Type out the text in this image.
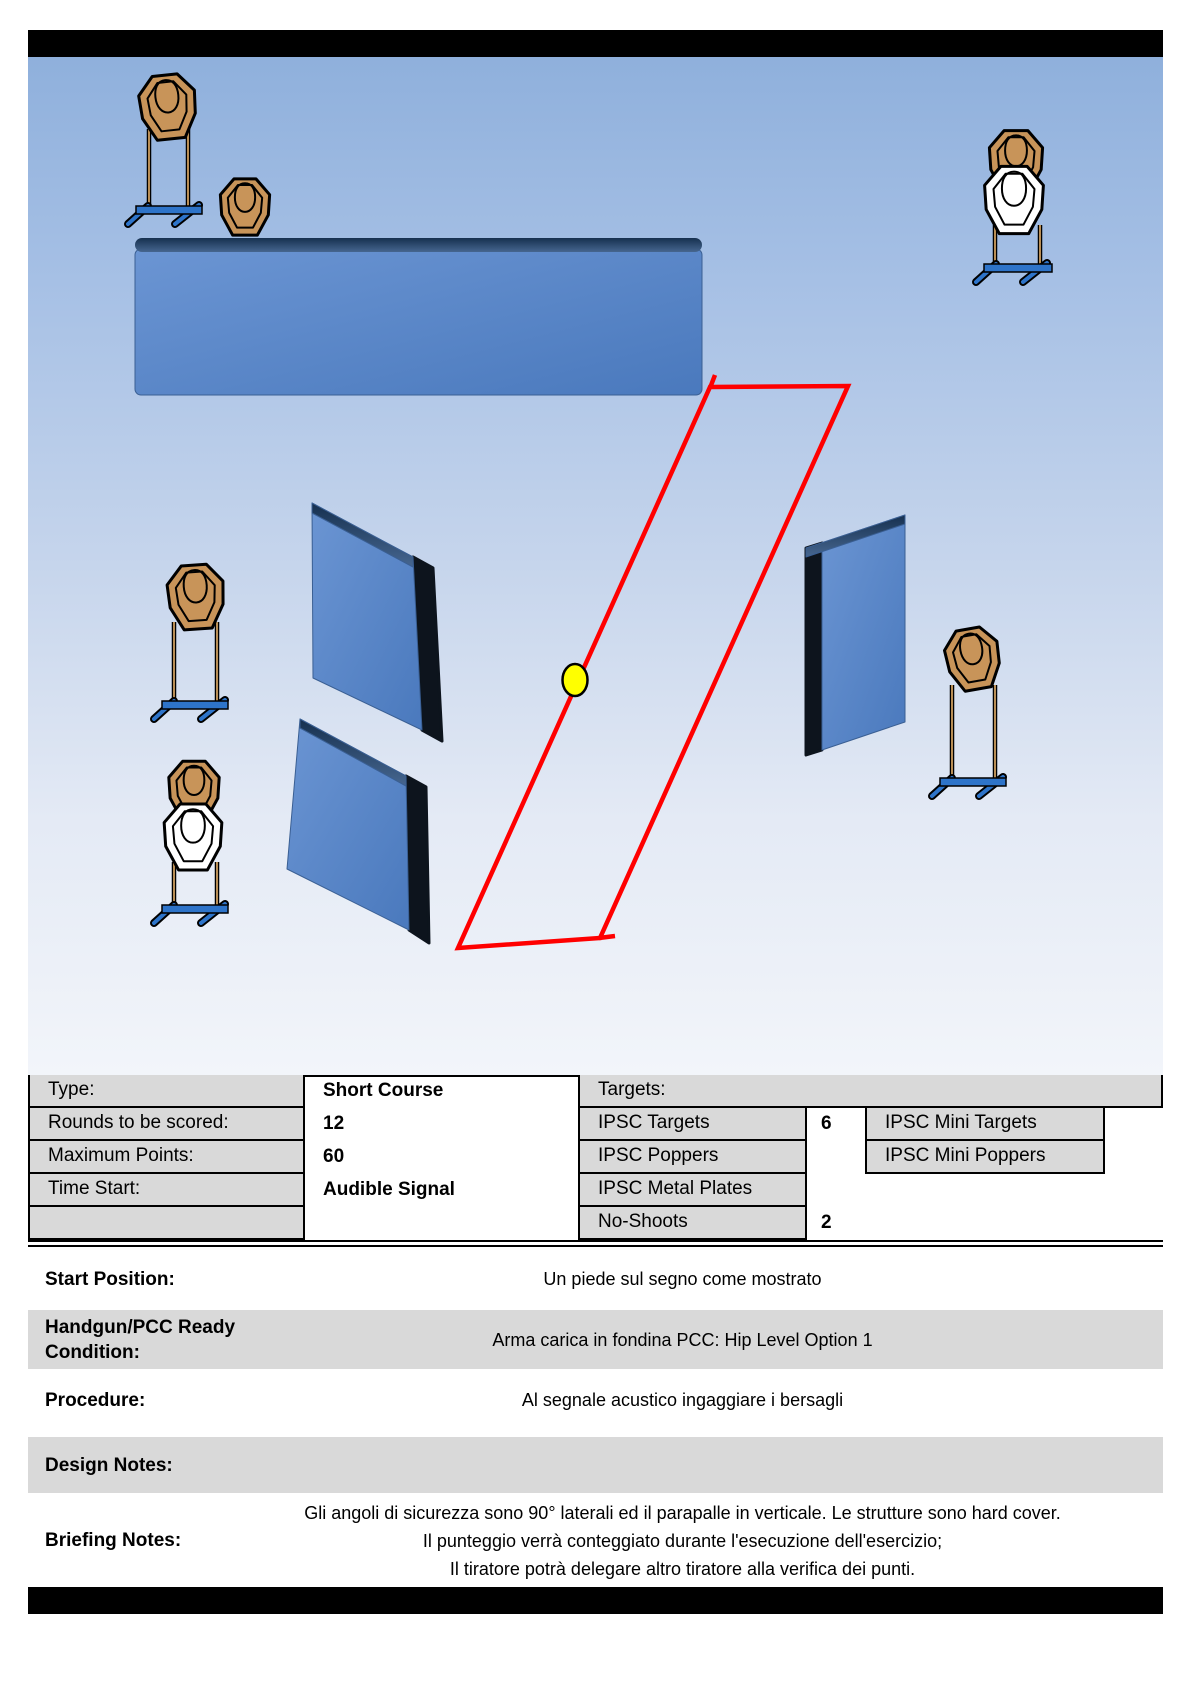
Type:	Short Course
Rounds to be scored:	12
Maximum Points:	60
Time Start:	Audible Signal
Targets:
IPSC Targets	6	IPSC Mini Targets
IPSC Poppers	IPSC Mini Poppers
IPSC Metal Plates
No-Shoots	2
Start Position:	Un piede sul segno come mostrato
Handgun/PCC Ready Condition:
Arma carica in fondina PCC: Hip Level Option 1
Procedure:	Al segnale acustico ingaggiare i bersagli
Design Notes:
Briefing Notes:
Gli angoli di sicurezza sono 90° laterali ed il parapalle in verticale. Le strutture sono hard cover.
Il punteggio verrà conteggiato durante l'esecuzione dell'esercizio;
Il tiratore potrà delegare altro tiratore alla verifica dei punti.
